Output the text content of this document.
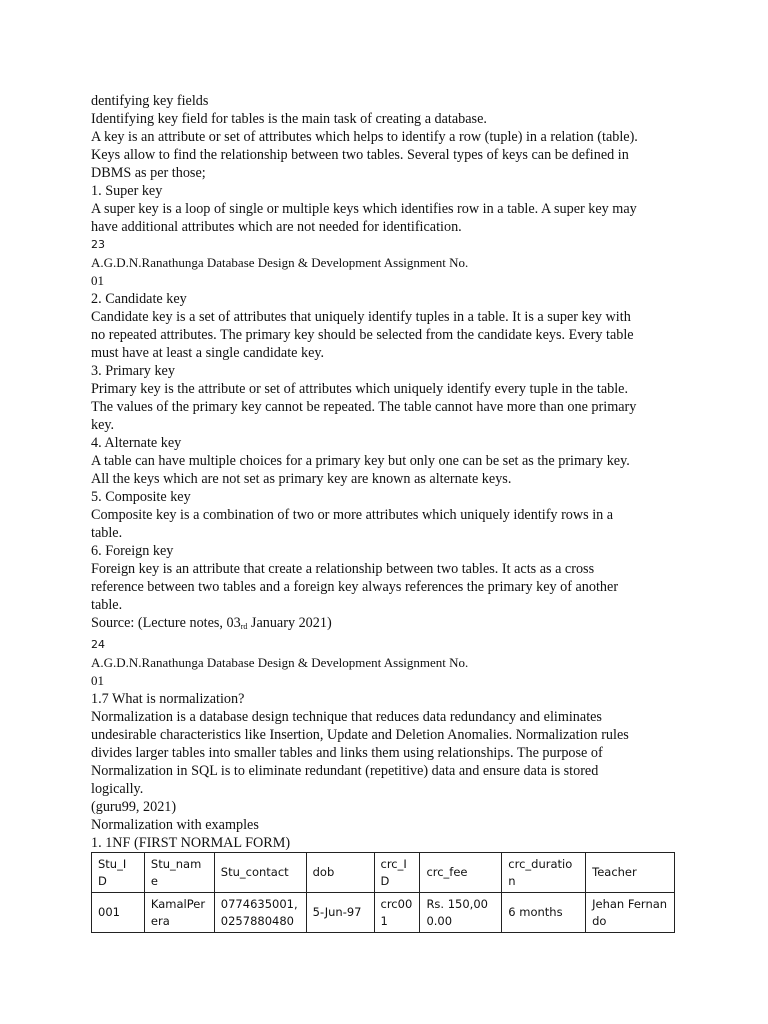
dentifying key fields
Identifying key field for tables is the main task of creating a database.
A key is an attribute or set of attributes which helps to identify a row (tuple) in a relation (table).
Keys allow to find the relationship between two tables. Several types of keys can be defined in
DBMS as per those;
1. Super key
A super key is a loop of single or multiple keys which identifies row in a table. A super key may
have additional attributes which are not needed for identification.
23
A.G.D.N.Ranathunga Database Design & Development Assignment No.
01
2. Candidate key
Candidate key is a set of attributes that uniquely identify tuples in a table. It is a super key with
no repeated attributes. The primary key should be selected from the candidate keys. Every table
must have at least a single candidate key.
3. Primary key
Primary key is the attribute or set of attributes which uniquely identify every tuple in the table.
The values of the primary key cannot be repeated. The table cannot have more than one primary
key.
4. Alternate key
A table can have multiple choices for a primary key but only one can be set as the primary key.
All the keys which are not set as primary key are known as alternate keys.
5. Composite key
Composite key is a combination of two or more attributes which uniquely identify rows in a
table.
6. Foreign key
Foreign key is an attribute that create a relationship between two tables. It acts as a cross
reference between two tables and a foreign key always references the primary key of another
table.
Source: (Lecture notes, $03_{rd}$ January 2021)
24
A.G.D.N.Ranathunga Database Design & Development Assignment No.
01
1.7 What is normalization?
Normalization is a database design technique that reduces data redundancy and eliminates
undesirable characteristics like Insertion, Update and Deletion Anomalies. Normalization rules
divides larger tables into smaller tables and links them using relationships. The purpose of
Normalization in SQL is to eliminate redundant (repetitive) data and ensure data is stored
logically.
(guru99, 2021)
Normalization with examples
1. 1NF (FIRST NORMAL FORM)
Stu_I D	Stu_name	Stu_contact	dob	crc_I D	crc_fee	crc_duratio n	Teacher
001	KamalPer era	0774635001, 0257880480	5-Jun-97	crc00 1	Rs. 150,000.00	6 months	Jehan Fernando
